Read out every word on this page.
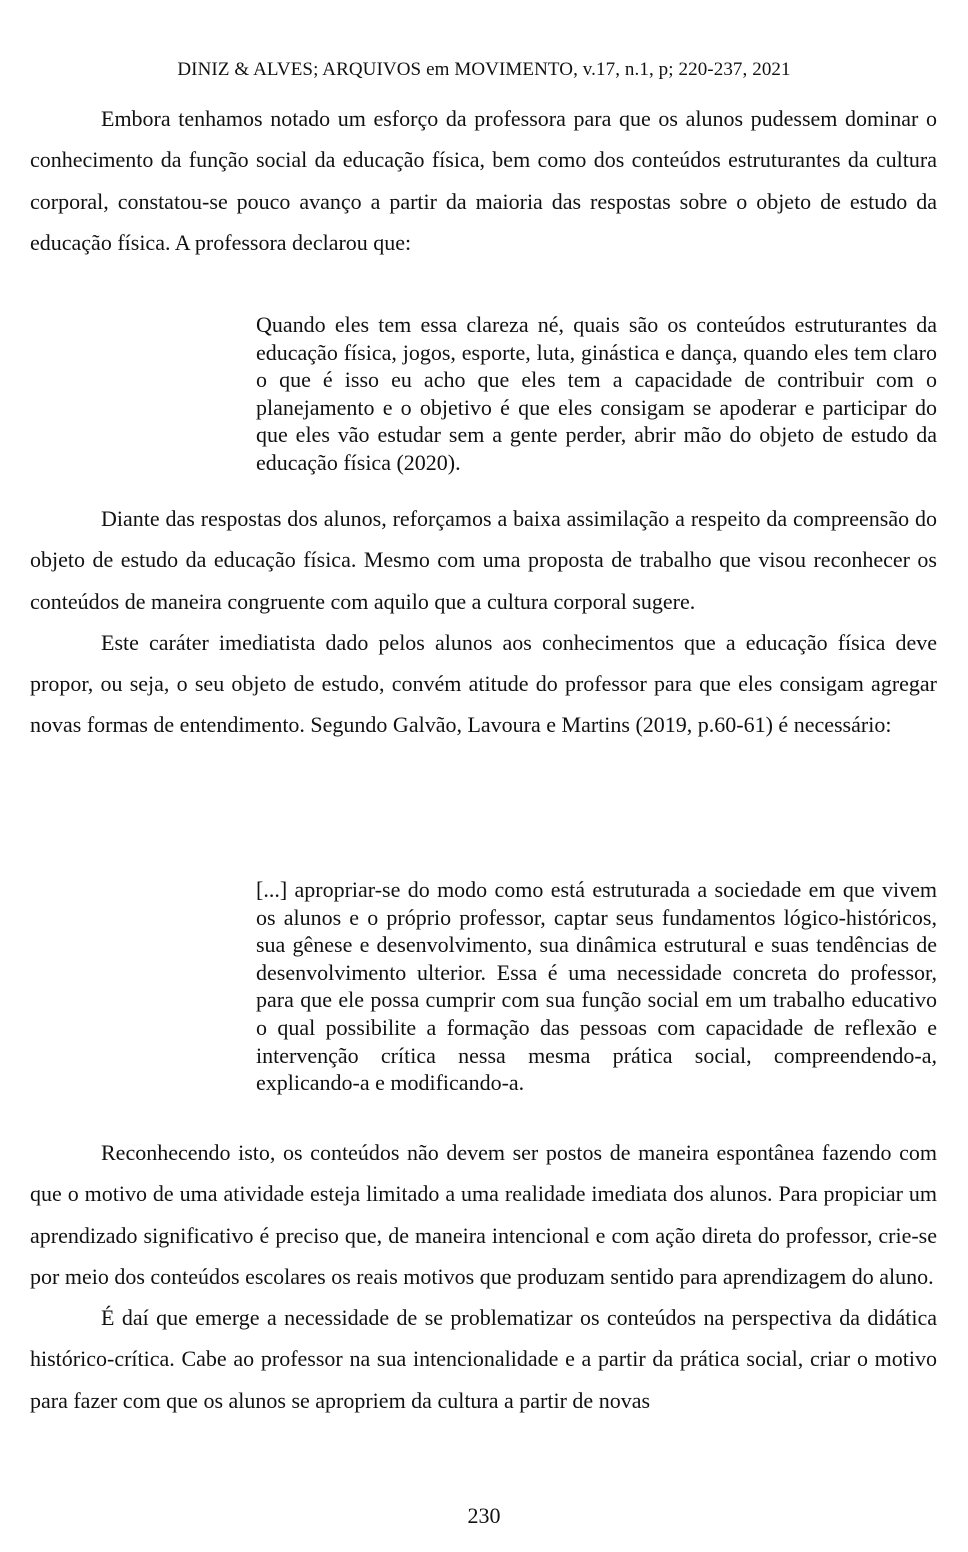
DINIZ & ALVES; ARQUIVOS em MOVIMENTO, v.17, n.1, p; 220-237, 2021

Embora tenhamos notado um esforço da professora para que os alunos pudessem dominar o conhecimento da função social da educação física, bem como dos conteúdos estruturantes da cultura corporal, constatou-se pouco avanço a partir da maioria das respostas sobre o objeto de estudo da educação física. A professora declarou que:

Quando eles tem essa clareza né, quais são os conteúdos estruturantes da educação física, jogos, esporte, luta, ginástica e dança, quando eles tem claro o que é isso eu acho que eles tem a capacidade de contribuir com o planejamento e o objetivo é que eles consigam se apoderar e participar do que eles vão estudar sem a gente perder, abrir mão do objeto de estudo da educação física (2020).

Diante das respostas dos alunos, reforçamos a baixa assimilação a respeito da compreensão do objeto de estudo da educação física. Mesmo com uma proposta de trabalho que visou reconhecer os conteúdos de maneira congruente com aquilo que a cultura corporal sugere.

Este caráter imediatista dado pelos alunos aos conhecimentos que a educação física deve propor, ou seja, o seu objeto de estudo, convém atitude do professor para que eles consigam agregar novas formas de entendimento. Segundo Galvão, Lavoura e Martins (2019, p.60-61) é necessário:

[...] apropriar-se do modo como está estruturada a sociedade em que vivem os alunos e o próprio professor, captar seus fundamentos lógico-históricos, sua gênese e desenvolvimento, sua dinâmica estrutural e suas tendências de desenvolvimento ulterior. Essa é uma necessidade concreta do professor, para que ele possa cumprir com sua função social em um trabalho educativo o qual possibilite a formação das pessoas com capacidade de reflexão e intervenção crítica nessa mesma prática social, compreendendo-a, explicando-a e modificando-a.

Reconhecendo isto, os conteúdos não devem ser postos de maneira espontânea fazendo com que o motivo de uma atividade esteja limitado a uma realidade imediata dos alunos. Para propiciar um aprendizado significativo é preciso que, de maneira intencional e com ação direta do professor, crie-se por meio dos conteúdos escolares os reais motivos que produzam sentido para aprendizagem do aluno.

É daí que emerge a necessidade de se problematizar os conteúdos na perspectiva da didática histórico-crítica. Cabe ao professor na sua intencionalidade e a partir da prática social, criar o motivo para fazer com que os alunos se apropriem da cultura a partir de novas

230
